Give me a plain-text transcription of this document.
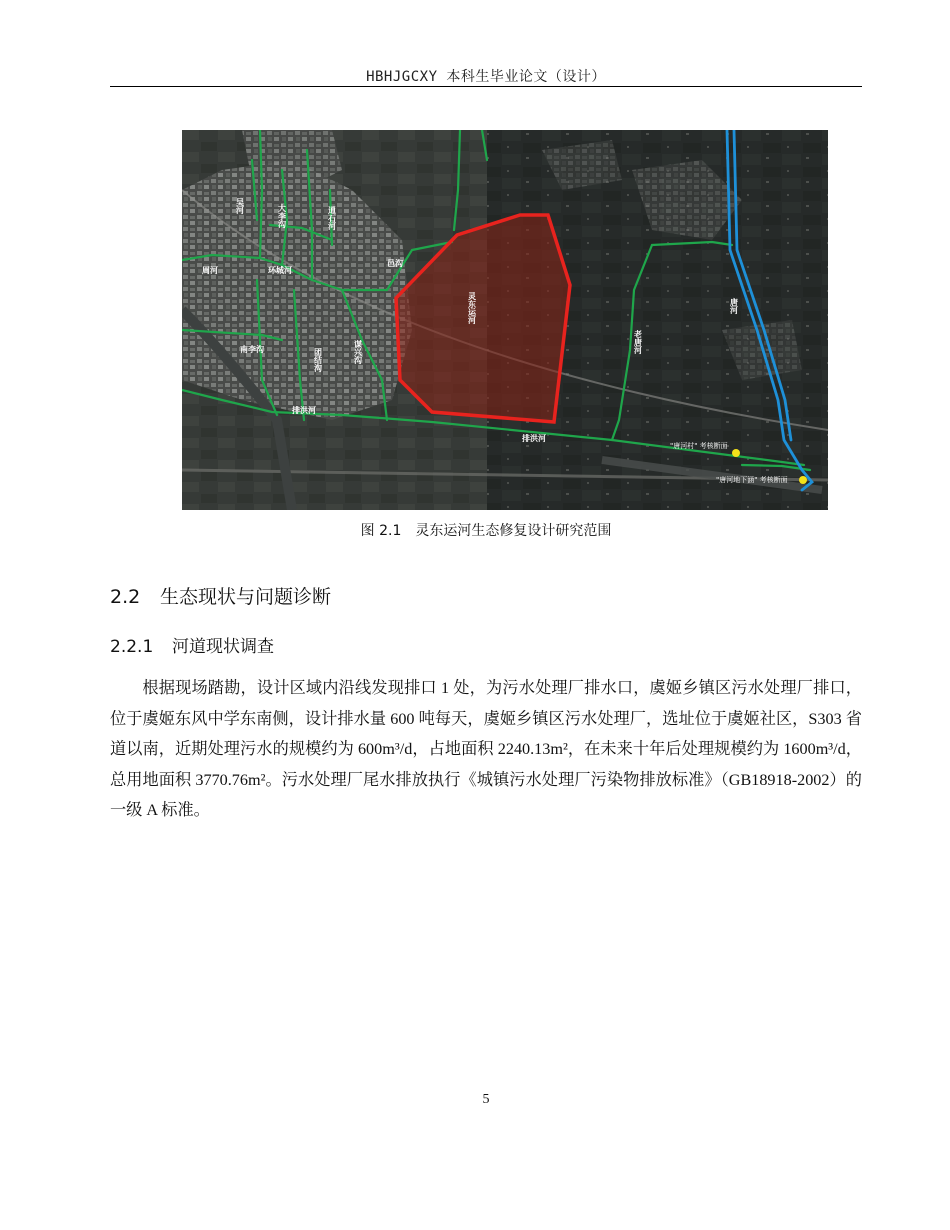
HBHJGCXY 本科生毕业论文（设计）
吴河	大李沟	逍石河
周河	环城河
邑沟
南李沟	团结沟	谋兴沟
灵东运河
老唐河
唐河
排洪河
排洪河
"唐河村" 考核断面
"唐河地下涵" 考核断面
图 2.1 灵东运河生态修复设计研究范围
2.2 生态现状与问题诊断
2.2.1 河道现状调查

根据现场踏勘，设计区域内沿线发现排口 1 处，为污水处理厂排水口，虞姬乡镇区污水处理厂排口，位于虞姬东风中学东南侧，设计排水量 600 吨每天，虞姬乡镇区污水处理厂，选址位于虞姬社区，S303 省道以南，近期处理污水的规模约为 600m³/d，占地面积 2240.13m²，在未来十年后处理规模约为 1600m³/d，总用地面积 3770.76m²。污水处理厂尾水排放执行《城镇污水处理厂污染物排放标准》（GB18918-2002）的一级 A 标准。

5
